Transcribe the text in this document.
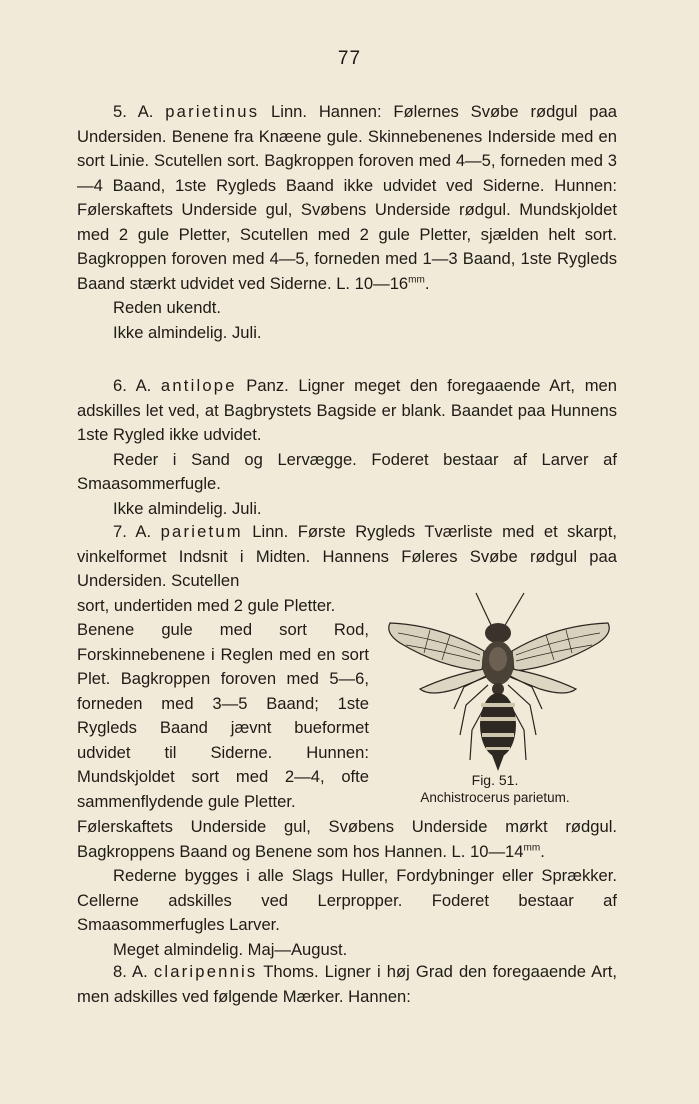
77

5. A. parietinus Linn. Hannen: Følernes Svøbe rødgul paa Undersiden. Benene fra Knæene gule. Skinnebenenes Inderside med en sort Linie. Scutellen sort. Bagkroppen foroven med 4—5, forneden med 3—4 Baand, 1ste Rygleds Baand ikke udvidet ved Siderne. Hunnen: Følerskaftets Underside gul, Svøbens Underside rødgul. Mundskjoldet med 2 gule Pletter, Scutellen med 2 gule Pletter, sjælden helt sort. Bagkroppen foroven med 4—5, forneden med 1—3 Baand, 1ste Rygleds Baand stærkt udvidet ved Siderne. L. $10—16^{mm}$.

Reden ukendt.

Ikke almindelig. Juli.

6. A. antilope Panz. Ligner meget den foregaaende Art, men adskilles let ved, at Bagbrystets Bagside er blank. Baandet paa Hunnens 1ste Rygled ikke udvidet.

Reder i Sand og Lervægge. Foderet bestaar af Larver af Smaasommerfugle.

Ikke almindelig. Juli.

7. A. parietum Linn. Første Rygleds Tværliste med et skarpt, vinkelformet Indsnit i Midten. Hannens Føleres Svøbe rødgul paa Undersiden. Scutellen

sort, undertiden med 2 gule Pletter.

Benene gule med sort Rod, Forskinnebenene i Reglen med en sort Plet. Bagkroppen foroven med 5—6, forneden med 3—5 Baand; 1ste Rygleds Baand jævnt bueformet udvidet til Siderne. Hunnen: Mundskjoldet sort med 2—4, ofte sammenflydende gule Pletter.

Fig. 51.
Anchistrocerus parietum.

Følerskaftets Underside gul, Svøbens Underside mørkt rødgul. Bagkroppens Baand og Benene som hos Hannen. L. $10—14^{mm}$.

Rederne bygges i alle Slags Huller, Fordybninger eller Sprækker. Cellerne adskilles ved Lerpropper. Foderet bestaar af Smaasommerfugles Larver.

Meget almindelig. Maj—August.

8. A. claripennis Thoms. Ligner i høj Grad den foregaaende Art, men adskilles ved følgende Mærker. Hannen:
